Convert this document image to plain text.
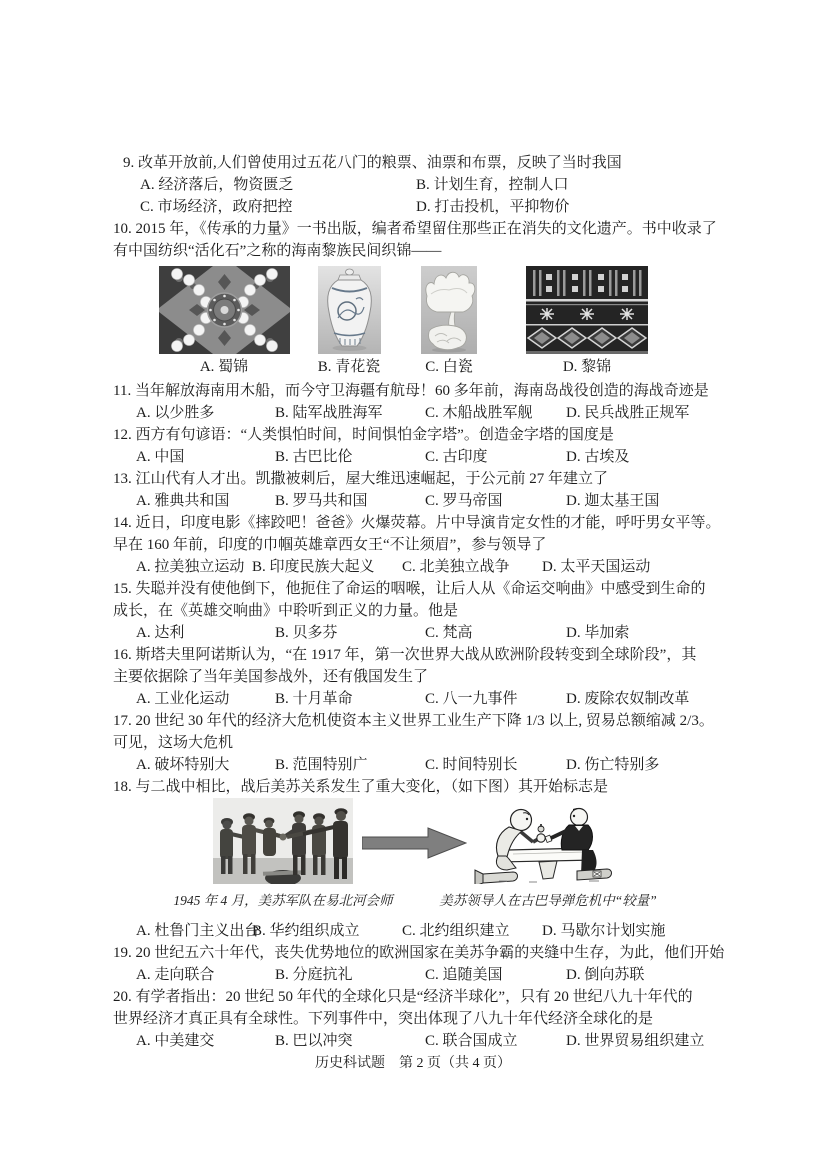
9. 改革开放前,人们曾使用过五花八门的粮票、油票和布票，反映了当时我国
A. 经济落后，物资匮乏	B. 计划生育，控制人口
C. 市场经济，政府把控	D. 打击投机，平抑物价
10. 2015 年，《传承的力量》一书出版，编者希望留住那些正在消失的文化遗产。书中收录了
有中国纺织“活化石”之称的海南黎族民间织锦——
A. 蜀锦	B. 青花瓷	C. 白瓷	D. 黎锦
11. 当年解放海南用木船，而今守卫海疆有航母！60 多年前，海南岛战役创造的海战奇迹是
A. 以少胜多	B. 陆军战胜海军	C. 木船战胜军舰	D. 民兵战胜正规军
12. 西方有句谚语：“人类惧怕时间，时间惧怕金字塔”。创造金字塔的国度是
A. 中国	B. 古巴比伦	C. 古印度	D. 古埃及
13. 江山代有人才出。凯撒被刺后，屋大维迅速崛起，于公元前 27 年建立了
A. 雅典共和国	B. 罗马共和国	C. 罗马帝国	D. 迦太基王国
14. 近日，印度电影《摔跤吧！爸爸》火爆荧幕。片中导演肯定女性的才能，呼吁男女平等。
早在 160 年前，印度的巾帼英雄章西女王“不让须眉”，参与领导了
A. 拉美独立运动 B. 印度民族大起义	C. 北美独立战争	D. 太平天国运动
15. 失聪并没有使他倒下，他扼住了命运的咽喉，让后人从《命运交响曲》中感受到生命的
成长，在《英雄交响曲》中聆听到正义的力量。他是
A. 达利	B. 贝多芬	C. 梵高	D. 毕加索
16. 斯塔夫里阿诺斯认为，“在 1917 年，第一次世界大战从欧洲阶段转变到全球阶段”，其
主要依据除了当年美国参战外，还有俄国发生了
A. 工业化运动	B. 十月革命	C. 八一九事件	D. 废除农奴制改革
17. 20 世纪 30 年代的经济大危机使资本主义世界工业生产下降 1/3 以上, 贸易总额缩减 2/3。
可见，这场大危机
A. 破坏特别大	B. 范围特别广	C. 时间特别长	D. 伤亡特别多
18. 与二战中相比，战后美苏关系发生了重大变化，（如下图）其开始标志是
1945 年 4 月，美苏军队在易北河会师	美苏领导人在古巴导弹危机中“较量”
A. 杜鲁门主义出台
B. 华约组织成立	C. 北约组织建立	D. 马歇尔计划实施
19. 20 世纪五六十年代，丧失优势地位的欧洲国家在美苏争霸的夹缝中生存，为此，他们开始
A. 走向联合	B. 分庭抗礼	C. 追随美国	D. 倒向苏联
20. 有学者指出：20 世纪 50 年代的全球化只是“经济半球化”，只有 20 世纪八九十年代的
世界经济才真正具有全球性。下列事件中，突出体现了八九十年代经济全球化的是
A. 中美建交	B. 巴以冲突	C. 联合国成立	D. 世界贸易组织建立
历史科试题　第 2 页（共 4 页）
